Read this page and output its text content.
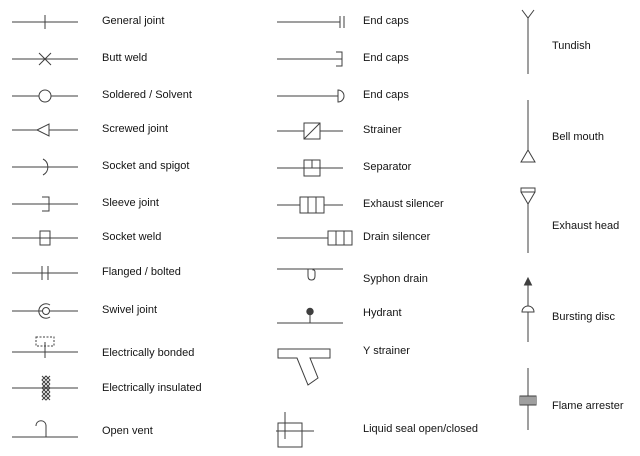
General joint
Butt weld
Soldered / Solvent
Screwed joint
Socket and spigot
Sleeve joint
Socket weld
Flanged / bolted
Swivel joint
Electrically bonded
Electrically insulated
Open vent
End caps
End caps
End caps
Strainer
Separator
Exhaust silencer
Drain silencer
Syphon drain
Hydrant
Y strainer
Liquid seal open/closed
Tundish
Bell mouth
Exhaust head
Bursting disc
Flame arrester
